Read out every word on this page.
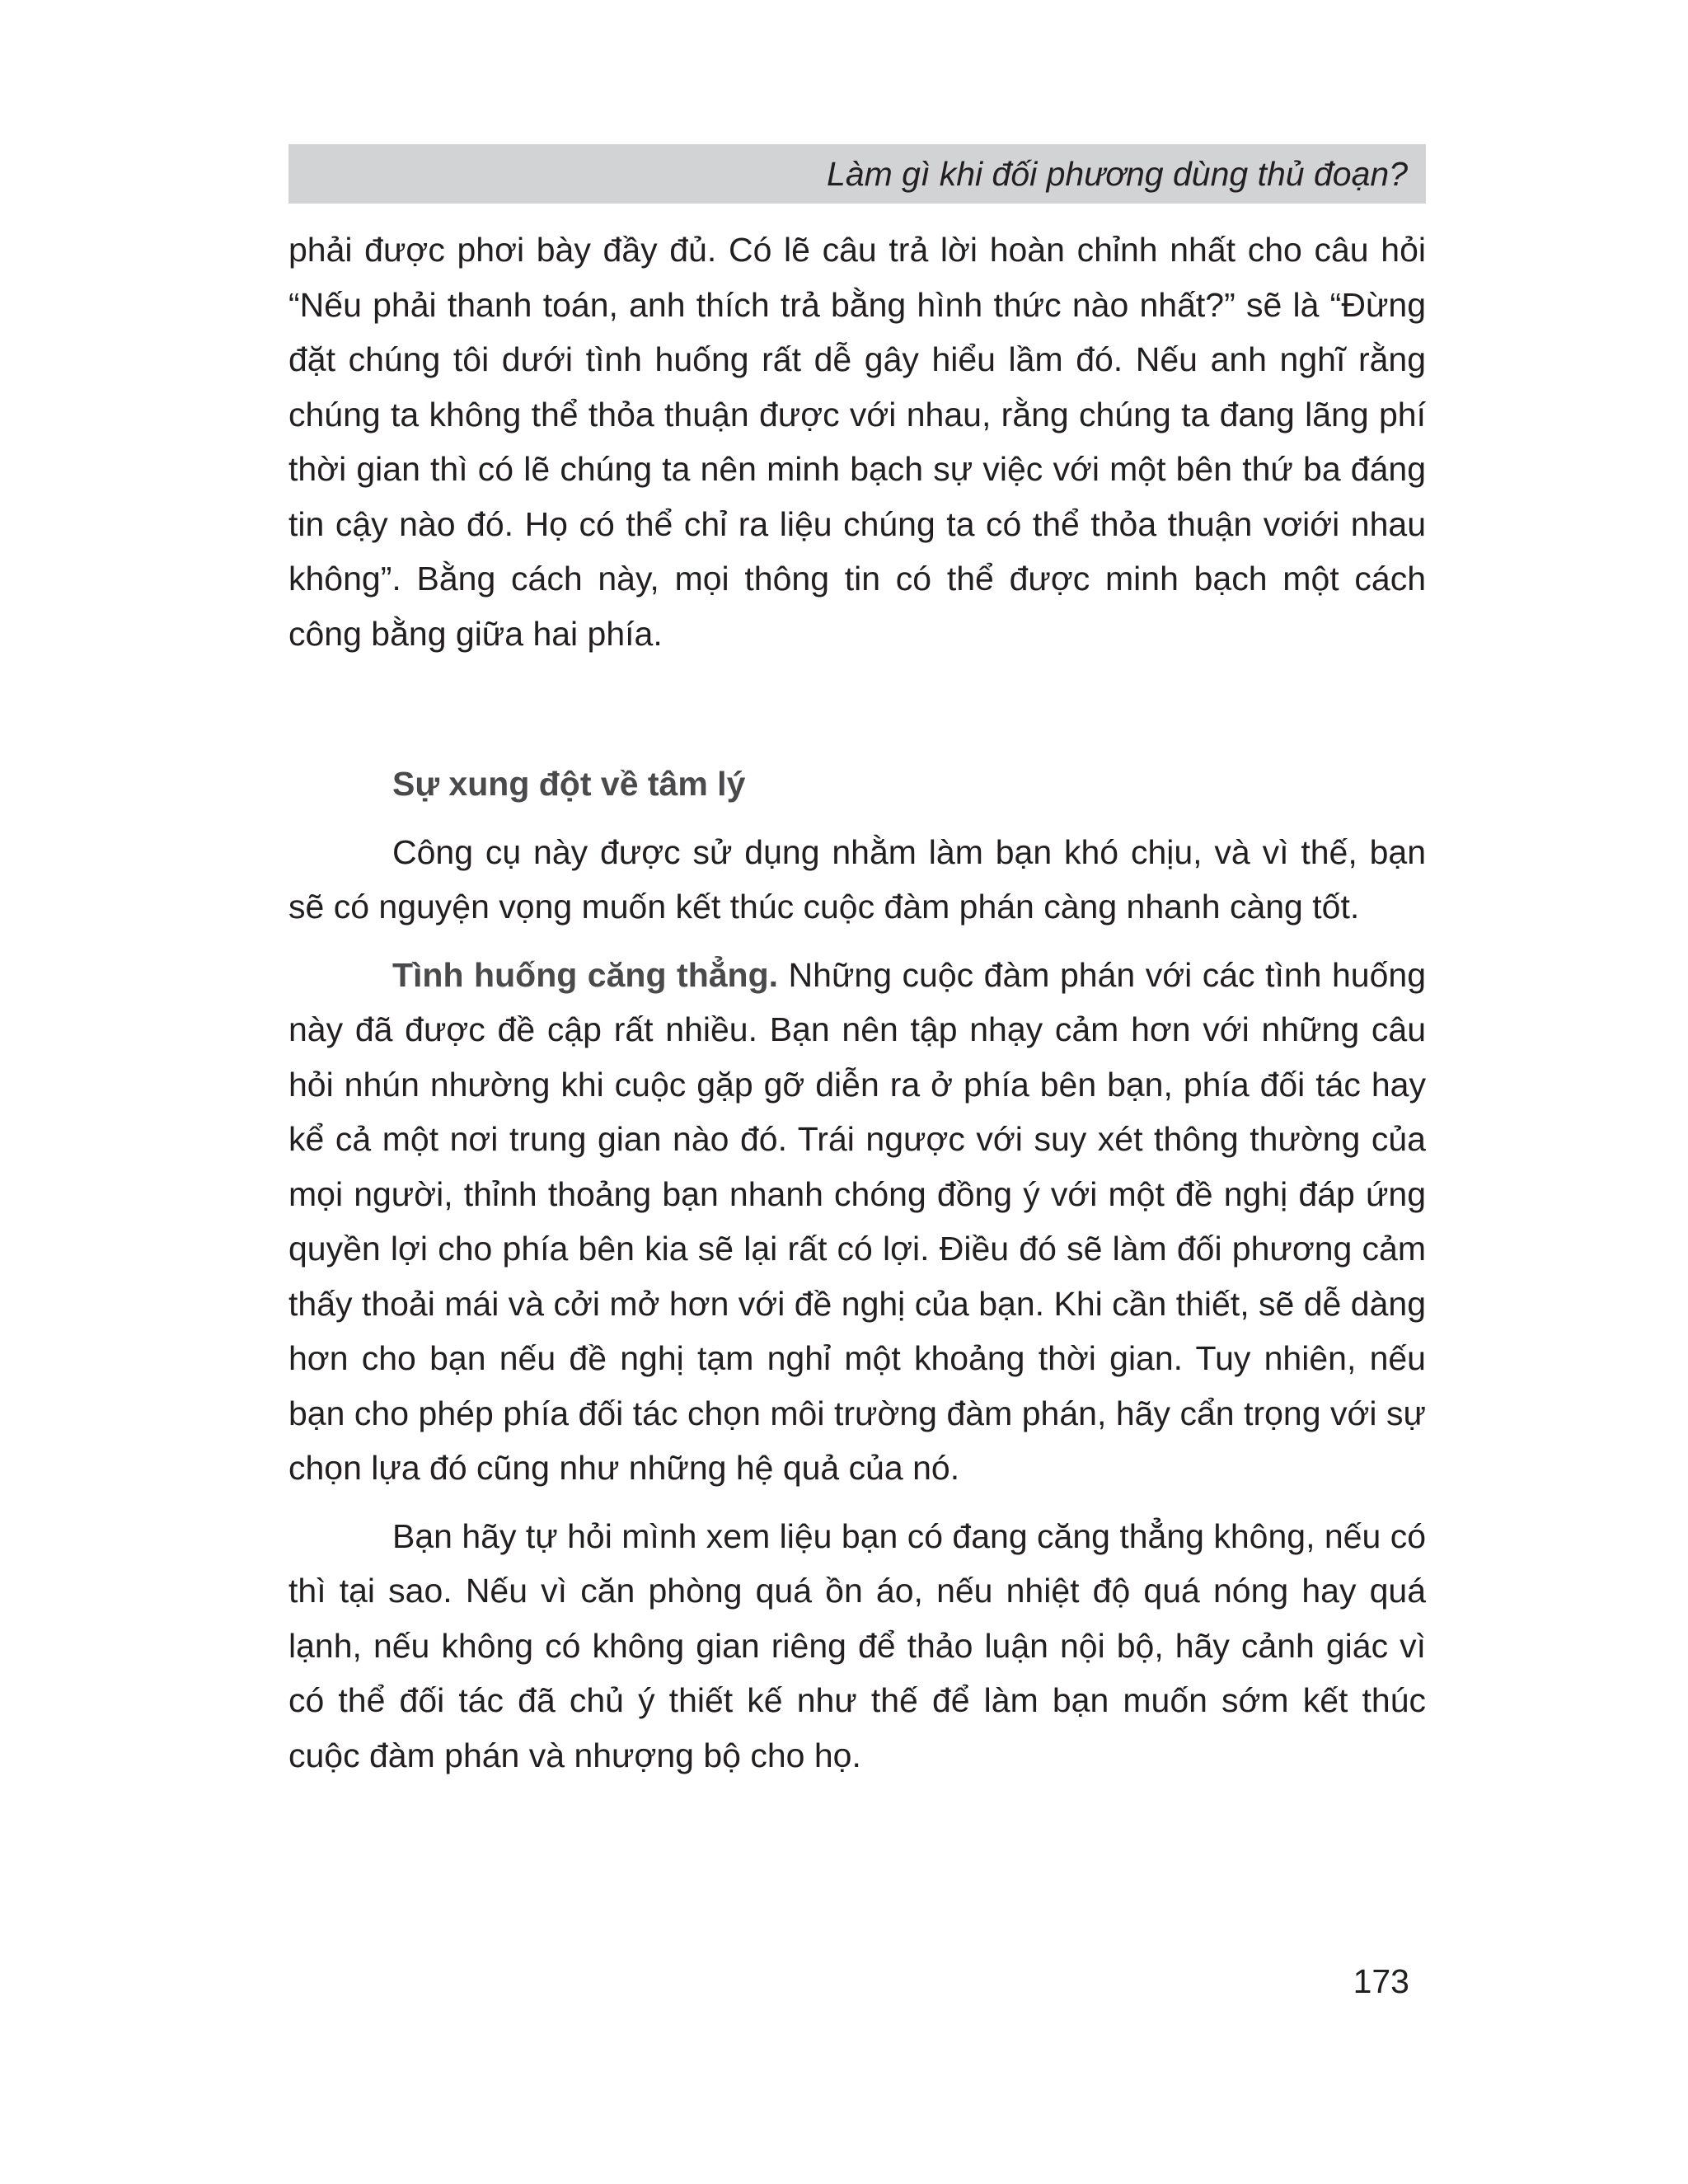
Làm gì khi đối phương dùng thủ đoạn?

phải được phơi bày đầy đủ. Có lẽ câu trả lời hoàn chỉnh nhất cho câu hỏi “Nếu phải thanh toán, anh thích trả bằng hình thức nào nhất?” sẽ là “Đừng đặt chúng tôi dưới tình huống rất dễ gây hiểu lầm đó. Nếu anh nghĩ rằng chúng ta không thể thỏa thuận được với nhau, rằng chúng ta đang lãng phí thời gian thì có lẽ chúng ta nên minh bạch sự việc với một bên thứ ba đáng tin cậy nào đó. Họ có thể chỉ ra liệu chúng ta có thể thỏa thuận vơiới nhau không”. Bằng cách này, mọi thông tin có thể được minh bạch một cách công bằng giữa hai phía.

Sự xung đột về tâm lý

Công cụ này được sử dụng nhằm làm bạn khó chịu, và vì thế, bạn sẽ có nguyện vọng muốn kết thúc cuộc đàm phán càng nhanh càng tốt.

Tình huống căng thẳng. Những cuộc đàm phán với các tình huống này đã được đề cập rất nhiều. Bạn nên tập nhạy cảm hơn với những câu hỏi nhún nhường khi cuộc gặp gỡ diễn ra ở phía bên bạn, phía đối tác hay kể cả một nơi trung gian nào đó. Trái ngược với suy xét thông thường của mọi người, thỉnh thoảng bạn nhanh chóng đồng ý với một đề nghị đáp ứng quyền lợi cho phía bên kia sẽ lại rất có lợi. Điều đó sẽ làm đối phương cảm thấy thoải mái và cởi mở hơn với đề nghị của bạn. Khi cần thiết, sẽ dễ dàng hơn cho bạn nếu đề nghị tạm nghỉ một khoảng thời gian. Tuy nhiên, nếu bạn cho phép phía đối tác chọn môi trường đàm phán, hãy cẩn trọng với sự chọn lựa đó cũng như những hệ quả của nó.

Bạn hãy tự hỏi mình xem liệu bạn có đang căng thẳng không, nếu có thì tại sao. Nếu vì căn phòng quá ồn áo, nếu nhiệt độ quá nóng hay quá lạnh, nếu không có không gian riêng để thảo luận nội bộ, hãy cảnh giác vì có thể đối tác đã chủ ý thiết kế như thế để làm bạn muốn sớm kết thúc cuộc đàm phán và nhượng bộ cho họ.

173
